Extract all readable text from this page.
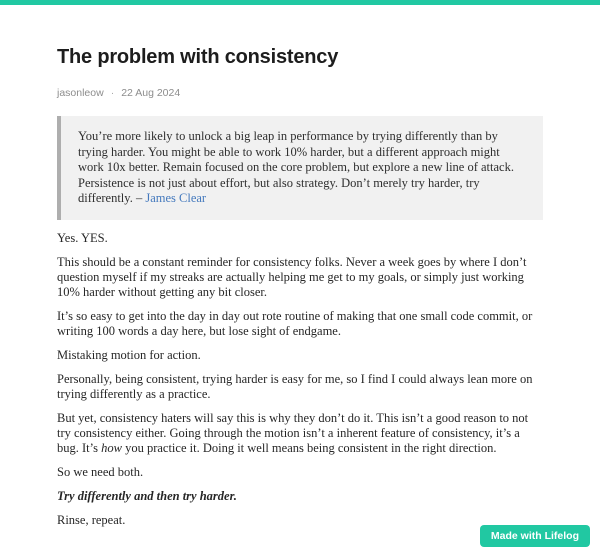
The problem with consistency
jasonleow · 22 Aug 2024
You’re more likely to unlock a big leap in performance by trying differently than by trying harder. You might be able to work 10% harder, but a different approach might work 10x better. Remain focused on the core problem, but explore a new line of attack. Persistence is not just about effort, but also strategy. Don’t merely try harder, try differently. – James Clear

Yes. YES.

This should be a constant reminder for consistency folks. Never a week goes by where I don’t question myself if my streaks are actually helping me get to my goals, or simply just working 10% harder without getting any bit closer.

It’s so easy to get into the day in day out rote routine of making that one small code commit, or writing 100 words a day here, but lose sight of endgame.

Mistaking motion for action.

Personally, being consistent, trying harder is easy for me, so I find I could always lean more on trying differently as a practice.

But yet, consistency haters will say this is why they don’t do it. This isn’t a good reason to not try consistency either. Going through the motion isn’t a inherent feature of consistency, it’s a bug. It’s how you practice it. Doing it well means being consistent in the right direction.

So we need both.

Try differently and then try harder.

Rinse, repeat.

Made with Lifelog
